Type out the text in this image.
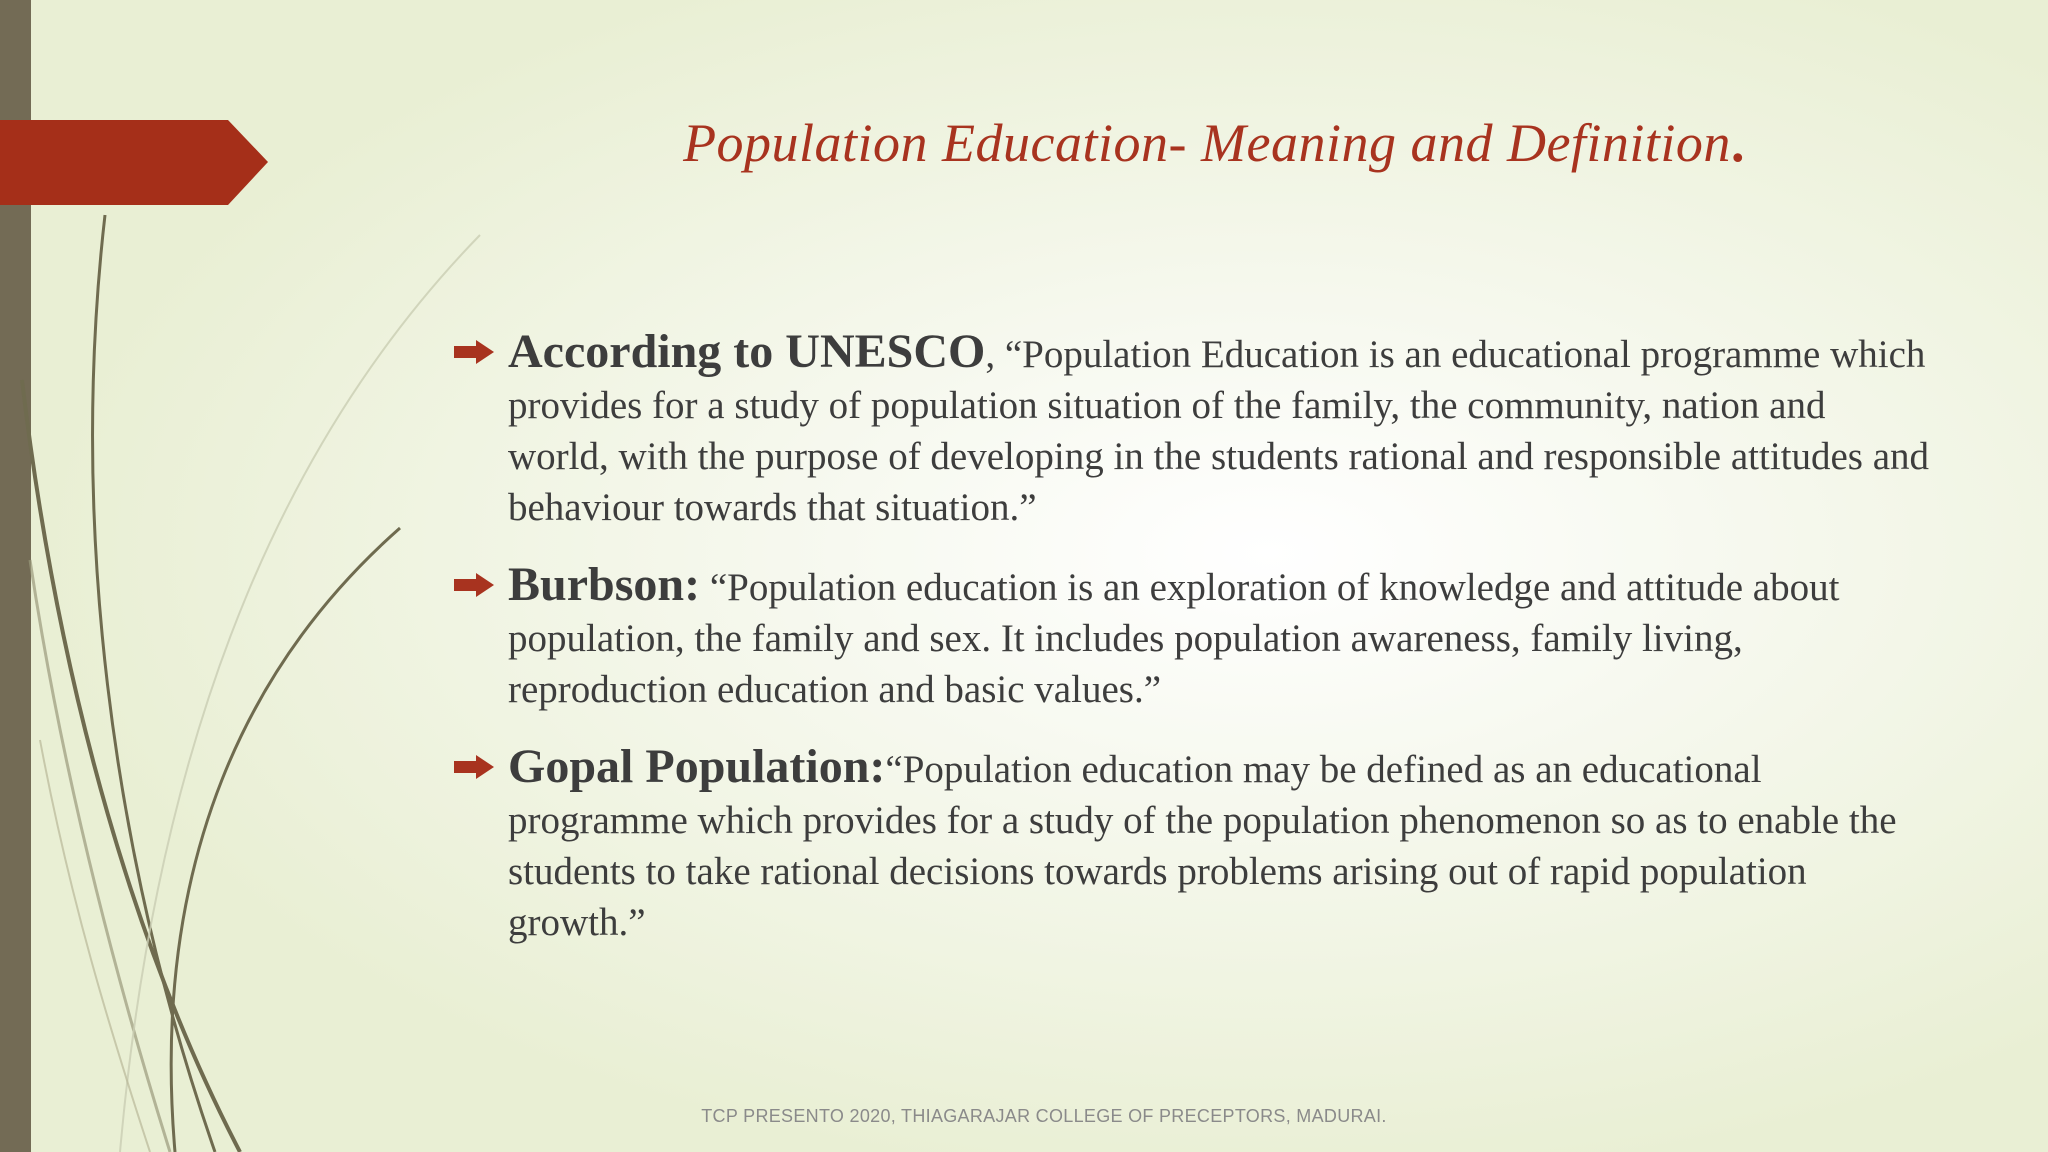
Population Education- Meaning and Definition.
According to UNESCO, “Population Education is an educational programme which provides for a study of population situation of the family, the community, nation and world, with the purpose of developing in the students rational and responsible attitudes and behaviour towards that situation.”
Burbson: “Population education is an exploration of knowledge and attitude about population, the family and sex. It includes population awareness, family living, reproduction education and basic values.”
Gopal Population:“Population education may be defined as an educational programme which provides for a study of the population phenomenon so as to enable the students to take rational decisions towards problems arising out of rapid population growth.”
TCP PRESENTO 2020, THIAGARAJAR COLLEGE OF PRECEPTORS, MADURAI.
